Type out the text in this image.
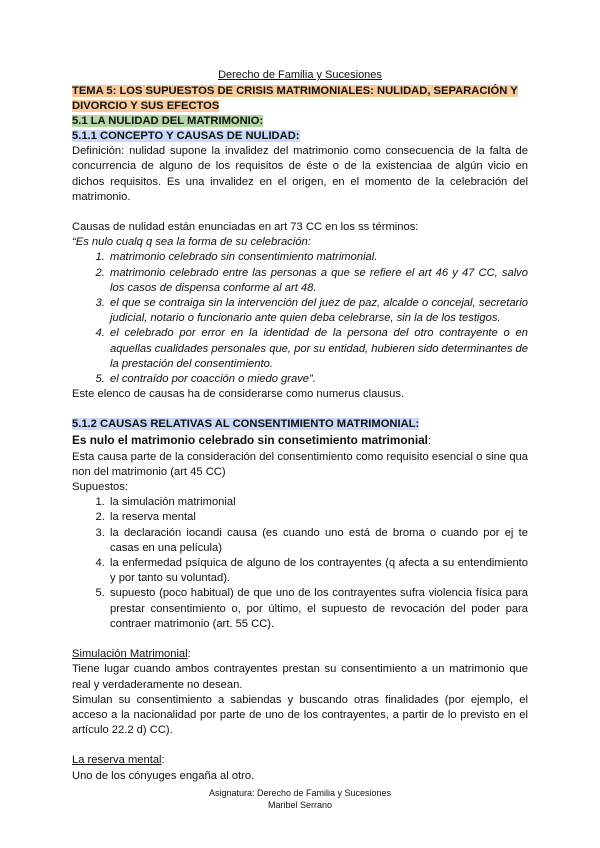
Derecho de Familia y Sucesiones
TEMA 5: LOS SUPUESTOS DE CRISIS MATRIMONIALES: NULIDAD, SEPARACIÓN Y
DIVORCIO Y SUS EFECTOS
5.1 LA NULIDAD DEL MATRIMONIO:
5.1.1 CONCEPTO Y CAUSAS DE NULIDAD:
Definición: nulidad supone la invalidez del matrimonio como consecuencia de la falta de concurrencia de alguno de los requisitos de éste o de la existenciaa de algún vicio en dichos requisitos. Es una invalidez en el origen, en el momento de la celebración del matrimonio.
Causas de nulidad están enunciadas en art 73 CC en los ss términos:
“Es nulo cualq q sea la forma de su celebración:
1. matrimonio celebrado sin consentimiento matrimonial.
2. matrimonio celebrado entre las personas a que se refiere el art 46 y 47 CC, salvo los casos de dispensa conforme al art 48.
3. el que se contraiga sin la intervención del juez de paz, alcalde o concejal, secretario judicial, notario o funcionario ante quien deba celebrarse, sin la de los testigos.
4. el celebrado por error en la identidad de la persona del otro contrayente o en aquellas cualidades personales que, por su entidad, hubieren sido determinantes de la prestación del consentimiento.
5. el contraído por coacción o miedo grave”.
Este elenco de causas ha de considerarse como numerus clausus.
5.1.2 CAUSAS RELATIVAS AL CONSENTIMIENTO MATRIMONIAL:
Es nulo el matrimonio celebrado sin consetimiento matrimonial:
Esta causa parte de la consideración del consentimiento como requisito esencial o sine qua non del matrimonio (art 45 CC)
Supuestos:
1. la simulación matrimonial
2. la reserva mental
3. la declaración iocandi causa (es cuando uno está de broma o cuando por ej te casas en una película)
4. la enfermedad psíquica de alguno de los contrayentes (q afecta a su entendimiento y por tanto su voluntad).
5. supuesto (poco habitual) de que uno de los contrayentes sufra violencia física para prestar consentimiento o, por último, el supuesto de revocación del poder para contraer matrimonio (art. 55 CC).
Simulación Matrimonial:
Tiene lugar cuando ambos contrayentes prestan su consentimiento a un matrimonio que real y verdaderamente no desean.
Simulan su consentimiento a sabiendas y buscando otras finalidades (por ejemplo, el acceso a la nacionalidad por parte de uno de los contrayentes, a partir de lo previsto en el artículo 22.2 d) CC).
La reserva mental:
Uno de los cónyuges engaña al otro.
Asignatura: Derecho de Familia y Sucesiones
Maribel Serrano
